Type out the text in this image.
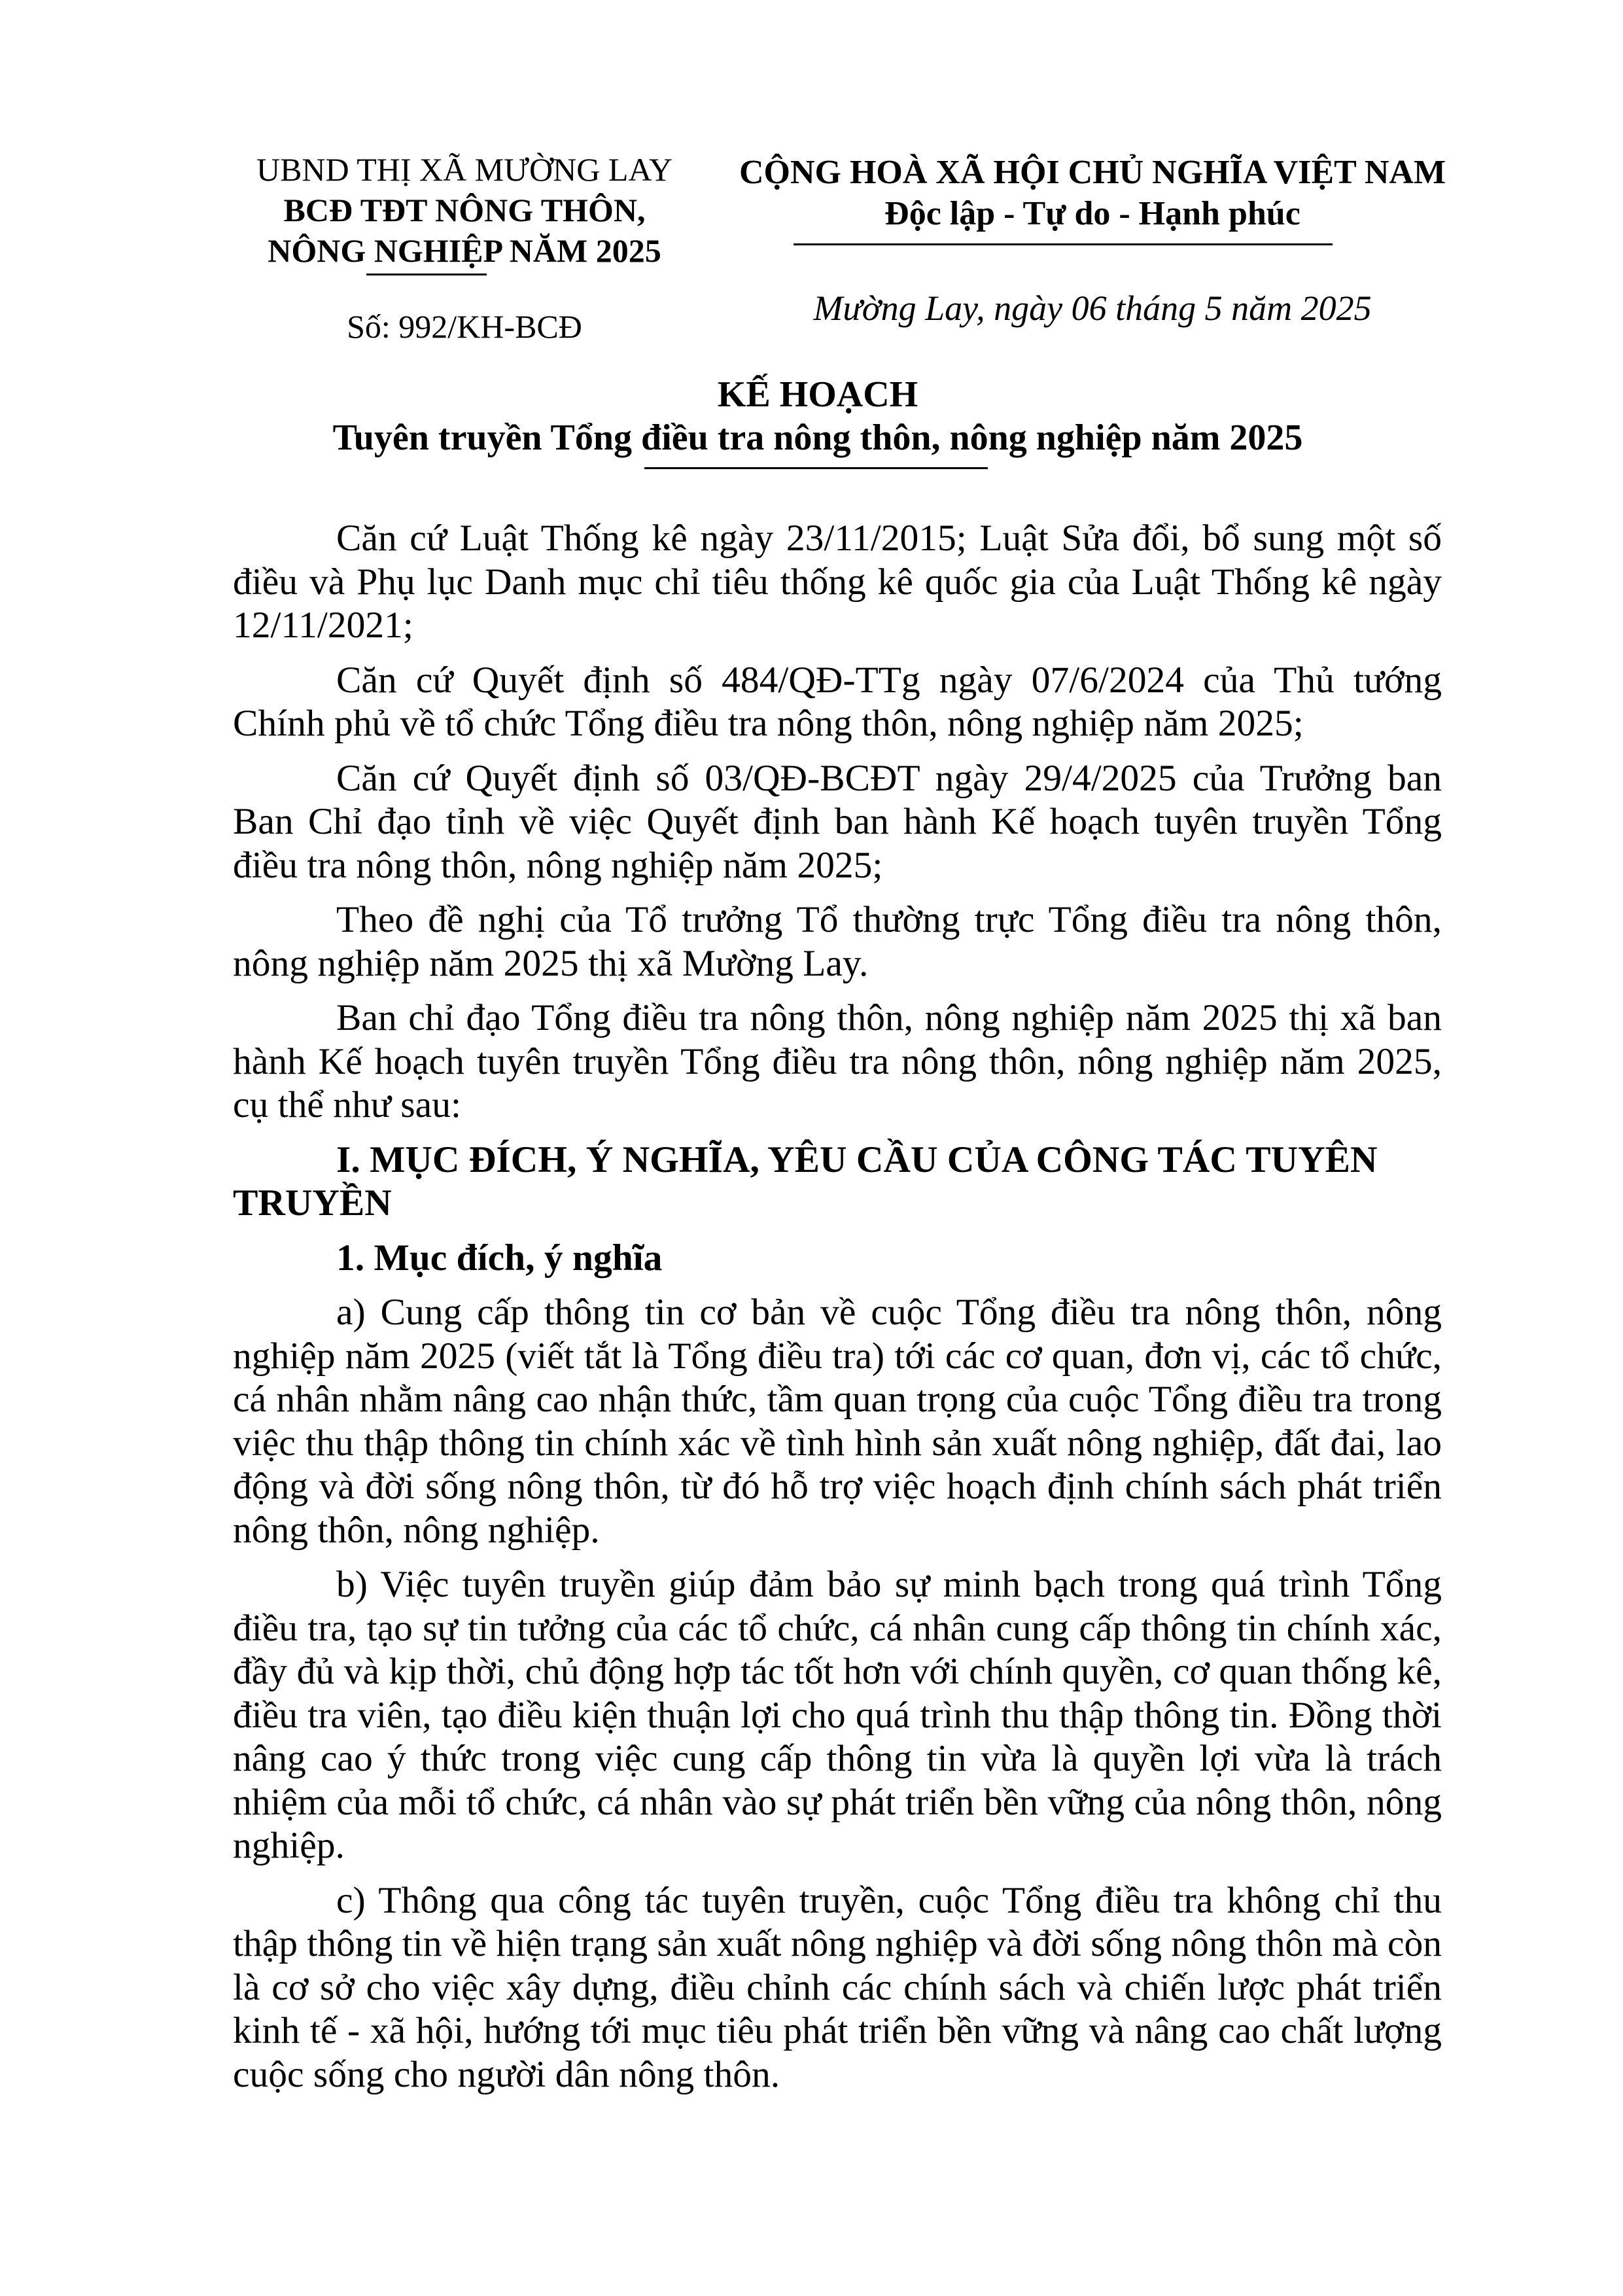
UBND THỊ XÃ MƯỜNG LAY
BCĐ TĐT NÔNG THÔN,
NÔNG NGHIỆP NĂM 2025
Số: 992/KH-BCĐ
CỘNG HOÀ XÃ HỘI CHỦ NGHĨA VIỆT NAM
Độc lập - Tự do - Hạnh phúc
Mường Lay, ngày 06 tháng 5 năm 2025
KẾ HOẠCH
Tuyên truyền Tổng điều tra nông thôn, nông nghiệp năm 2025

Căn cứ Luật Thống kê ngày 23/11/2015; Luật Sửa đổi, bổ sung một số điều và Phụ lục Danh mục chỉ tiêu thống kê quốc gia của Luật Thống kê ngày 12/11/2021;

Căn cứ Quyết định số 484/QĐ-TTg ngày 07/6/2024 của Thủ tướng Chính phủ về tổ chức Tổng điều tra nông thôn, nông nghiệp năm 2025;

Căn cứ Quyết định số 03/QĐ-BCĐT ngày 29/4/2025 của Trưởng ban Ban Chỉ đạo tỉnh về việc Quyết định ban hành Kế hoạch tuyên truyền Tổng điều tra nông thôn, nông nghiệp năm 2025;

Theo đề nghị của Tổ trưởng Tổ thường trực Tổng điều tra nông thôn, nông nghiệp năm 2025 thị xã Mường Lay.

Ban chỉ đạo Tổng điều tra nông thôn, nông nghiệp năm 2025 thị xã ban hành Kế hoạch tuyên truyền Tổng điều tra nông thôn, nông nghiệp năm 2025, cụ thể như sau:

I. MỤC ĐÍCH, Ý NGHĨA, YÊU CẦU CỦA CÔNG TÁC TUYÊN TRUYỀN
1. Mục đích, ý nghĩa

a) Cung cấp thông tin cơ bản về cuộc Tổng điều tra nông thôn, nông nghiệp năm 2025 (viết tắt là Tổng điều tra) tới các cơ quan, đơn vị, các tổ chức, cá nhân nhằm nâng cao nhận thức, tầm quan trọng của cuộc Tổng điều tra trong việc thu thập thông tin chính xác về tình hình sản xuất nông nghiệp, đất đai, lao động và đời sống nông thôn, từ đó hỗ trợ việc hoạch định chính sách phát triển nông thôn, nông nghiệp.

b) Việc tuyên truyền giúp đảm bảo sự minh bạch trong quá trình Tổng điều tra, tạo sự tin tưởng của các tổ chức, cá nhân cung cấp thông tin chính xác, đầy đủ và kịp thời, chủ động hợp tác tốt hơn với chính quyền, cơ quan thống kê, điều tra viên, tạo điều kiện thuận lợi cho quá trình thu thập thông tin. Đồng thời nâng cao ý thức trong việc cung cấp thông tin vừa là quyền lợi vừa là trách nhiệm của mỗi tổ chức, cá nhân vào sự phát triển bền vững của nông thôn, nông nghiệp.

c) Thông qua công tác tuyên truyền, cuộc Tổng điều tra không chỉ thu thập thông tin về hiện trạng sản xuất nông nghiệp và đời sống nông thôn mà còn là cơ sở cho việc xây dựng, điều chỉnh các chính sách và chiến lược phát triển kinh tế - xã hội, hướng tới mục tiêu phát triển bền vững và nâng cao chất lượng cuộc sống cho người dân nông thôn.
